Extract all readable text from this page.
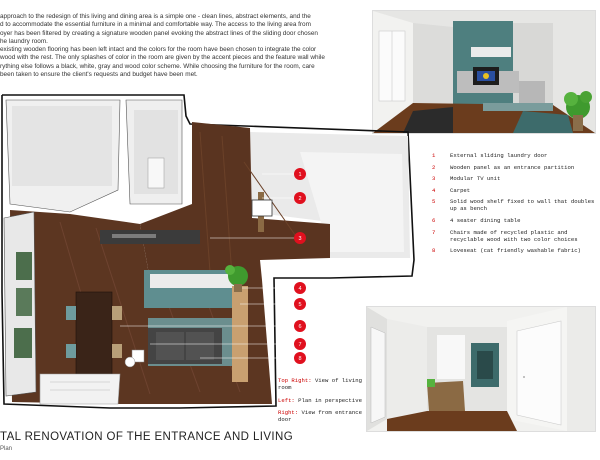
approach to the redesign of this living and dining area is a simple one - clean lines, abstract elements, and the

d to accommodate the essential furniture in a minimal and comfortable way. The access to the living area from

oyer has been filtered by creating a signature wooden panel evoking the abstract lines of the sliding door chosen

he laundry room.

existing wooden flooring has been left intact and the colors for the room have been chosen to integrate the color

wood with the rest. The only splashes of color in the room are given by the accent pieces and the feature wall while

rything else follows a black, white, gray and wood color scheme. While choosing the furniture for the room, care

been taken to ensure the client's requests and budget have been met.

1
2
3
4
5
6
7
8
1	External sliding laundry door
2	Wooden panel as an entrance partition
3	Modular TV unit
4	Carpet
5	Solid wood shelf fixed to wall that doubles up as bench
6	4 seater dining table
7	Chairs made of recycled plastic and recyclable wood with two color choices
8	Loveseat (cat friendly washable fabric)
Top Right: View of living room
Left: Plan in perspective
Right: View from entrance door
TAL RENOVATION OF THE ENTRANCE AND LIVING
Plan
